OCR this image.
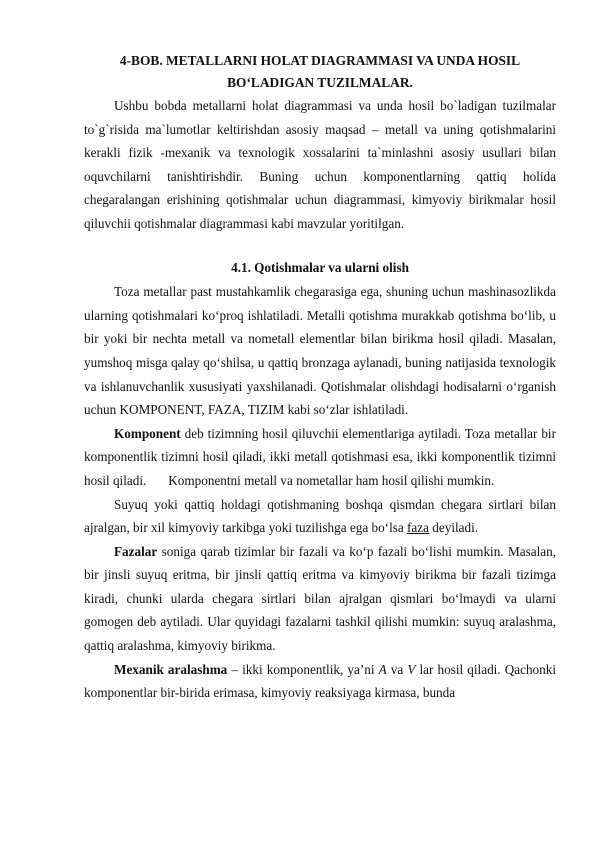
4-BOB. METALLARNI HOLAT DIAGRAMMASI VA UNDA HOSIL
BO‘LADIGAN TUZILMALAR.

Ushbu bobda metallarni holat diagrammasi va unda hosil bo`ladigan tuzilmalar to`g`risida ma`lumotlar keltirishdan asosiy maqsad – metall va uning qotishmalarini kerakli fizik -mexanik va texnologik xossalarini ta`minlashni asosiy usullari bilan oquvchilarni tanishtirishdir. Buning uchun komponentlarning qattiq holida chegaralangan erishining qotishmalar uchun diagrammasi, kimyoviy birikmalar hosil qiluvchii qotishmalar diagrammasi kabi mavzular yoritilgan.

4.1. Qotishmalar va ularni olish

Toza metallar past mustahkamlik chegarasiga ega, shuning uchun mashinasozlikda ularning qotishmalari ko‘proq ishlatiladi. Metalli qotishma murakkab qotishma bo‘lib, u bir yoki bir nechta metall va nometall elementlar bilan birikma hosil qiladi. Masalan, yumshoq misga qalay qo‘shilsa, u qattiq bronzaga aylanadi, buning natijasida texnologik va ishlanuvchanlik xususiyati yaxshilanadi. Qotishmalar olishdagi hodisalarni o‘rganish uchun KOMPONENT, FAZA, TIZIM kabi so‘zlar ishlatiladi.

Komponent deb tizimning hosil qiluvchii elementlariga aytiladi. Toza metallar bir komponentlik tizimni hosil qiladi, ikki metall qotishmasi esa, ikki komponentlik tizimni hosil qiladi. Komponentni metall va nometallar ham hosil qilishi mumkin.

Suyuq yoki qattiq holdagi qotishmaning boshqa qismdan chegara sirtlari bilan ajralgan, bir xil kimyoviy tarkibga yoki tuzilishga ega bo‘lsa faza deyiladi.

Fazalar soniga qarab tizimlar bir fazali va ko‘p fazali bo‘lishi mumkin. Masalan, bir jinsli suyuq eritma, bir jinsli qattiq eritma va kimyoviy birikma bir fazali tizimga kiradi, chunki ularda chegara sirtlari bilan ajralgan qismlari bo‘lmaydi va ularni gomogen deb aytiladi. Ular quyidagi fazalarni tashkil qilishi mumkin: suyuq aralashma, qattiq aralashma, kimyoviy birikma.

Mexanik aralashma – ikki komponentlik, ya’ni A va V lar hosil qiladi. Qachonki komponentlar bir-birida erimasa, kimyoviy reaksiyaga kirmasa, bunda
